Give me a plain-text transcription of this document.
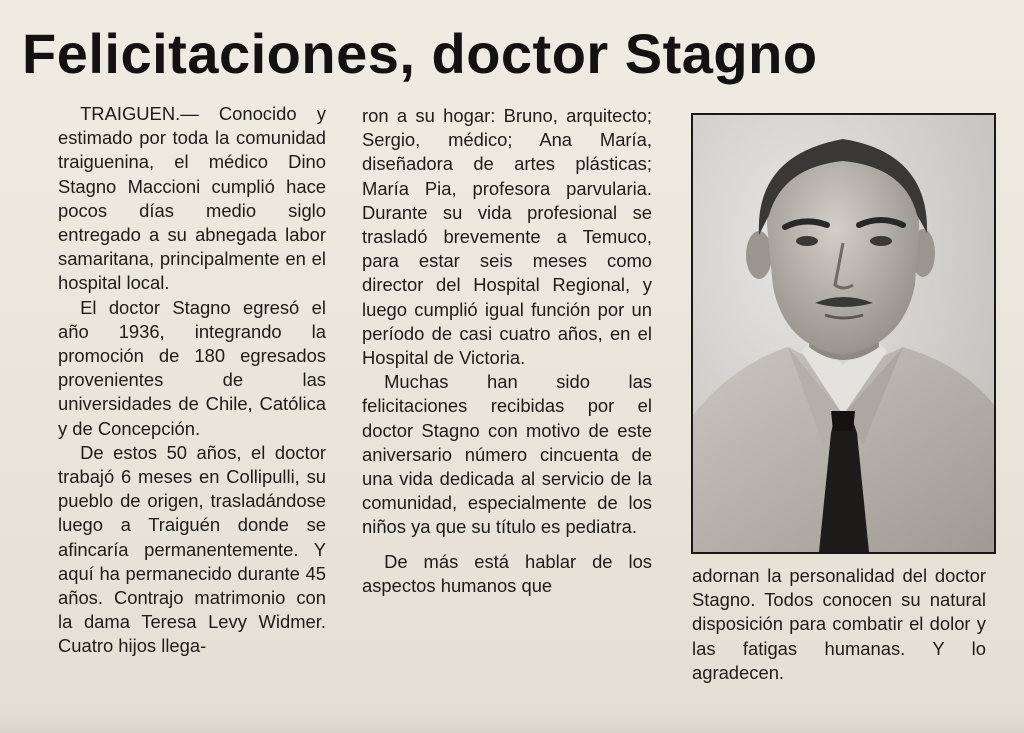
Felicitaciones, doctor Stagno

TRAIGUEN.— Conocido y estimado por toda la comunidad traiguenina, el médico Dino Stagno Maccioni cumplió hace pocos días medio siglo entregado a su abnegada labor samaritana, principalmente en el hospital local.

El doctor Stagno egresó el año 1936, integrando la promoción de 180 egresados provenientes de las universidades de Chile, Católica y de Concepción.

De estos 50 años, el doctor trabajó 6 meses en Collipulli, su pueblo de origen, trasladándose luego a Traiguén donde se afincaría permanentemente. Y aquí ha permanecido durante 45 años. Contrajo matrimonio con la dama Teresa Levy Widmer. Cuatro hijos llega-

ron a su hogar: Bruno, arquitecto; Sergio, médico; Ana María, diseñadora de artes plásticas; María Pia, profesora parvularia. Durante su vida profesional se trasladó brevemente a Temuco, para estar seis meses como director del Hospital Regional, y luego cumplió igual función por un período de casi cuatro años, en el Hospital de Victoria.

Muchas han sido las felicitaciones recibidas por el doctor Stagno con motivo de este aniversario número cincuenta de una vida dedicada al servicio de la comunidad, especialmente de los niños ya que su título es pediatra.

De más está hablar de los aspectos humanos que	adornan la personalidad del doctor Stagno. Todos conocen su natural disposición para combatir el dolor y las fatigas humanas. Y lo agradecen.
